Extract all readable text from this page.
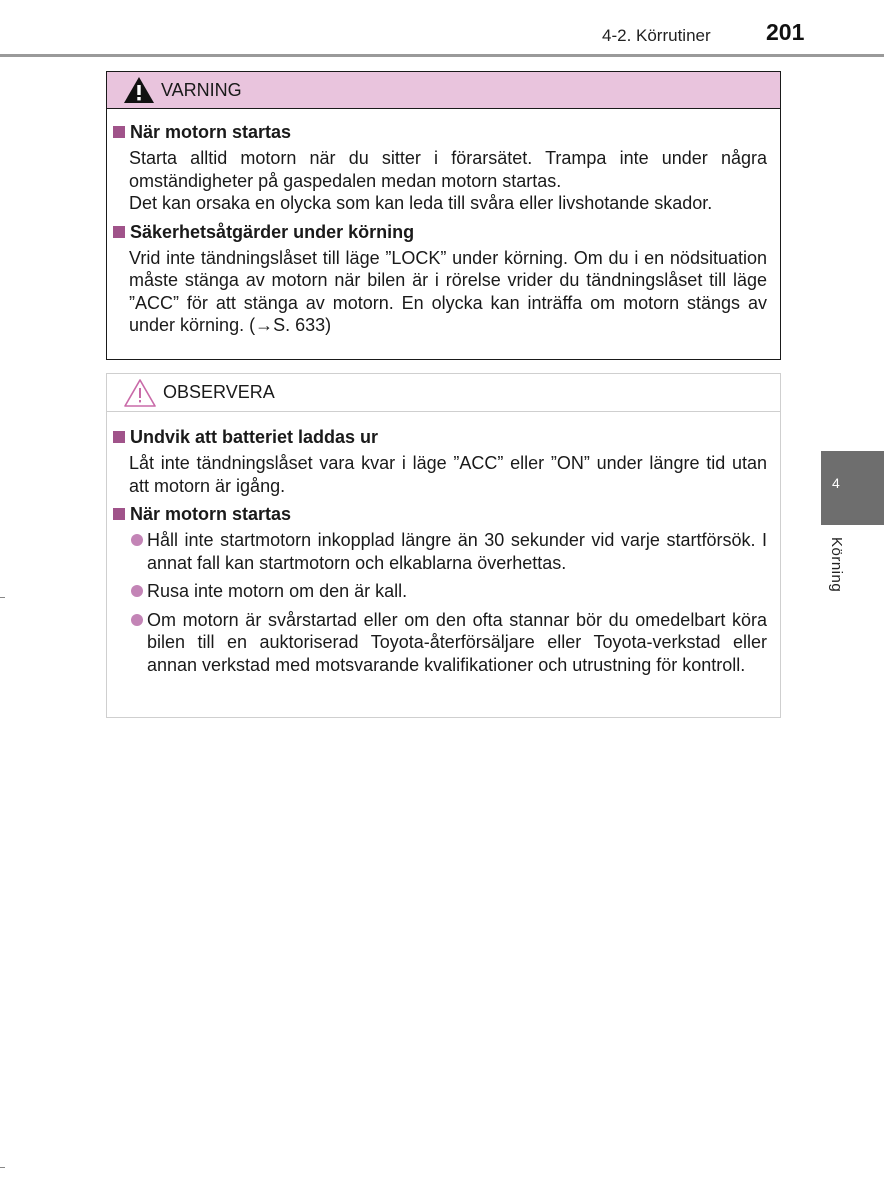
4-2. Körrutiner 201
VARNING

När motorn startas

Starta alltid motorn när du sitter i förarsätet. Trampa inte under några omständigheter på gaspedalen medan motorn startas.

Det kan orsaka en olycka som kan leda till svåra eller livshotande skador.

Säkerhetsåtgärder under körning

Vrid inte tändningslåset till läge ”LOCK” under körning. Om du i en nödsituation måste stänga av motorn när bilen är i rörelse vrider du tändningslåset till läge ”ACC” för att stänga av motorn. En olycka kan inträffa om motorn stängs av under körning. (→S. 633)

OBSERVERA

Undvik att batteriet laddas ur

Låt inte tändningslåset vara kvar i läge ”ACC” eller ”ON” under längre tid utan att motorn är igång.

När motorn startas

Håll inte startmotorn inkopplad längre än 30 sekunder vid varje startförsök. I annat fall kan startmotorn och elkablarna överhettas.
Rusa inte motorn om den är kall.
Om motorn är svårstartad eller om den ofta stannar bör du omedelbart köra bilen till en auktoriserad Toyota-återförsäljare eller Toyota-verkstad eller annan verkstad med motsvarande kvalifikationer och utrustning för kontroll.
4
Körning
